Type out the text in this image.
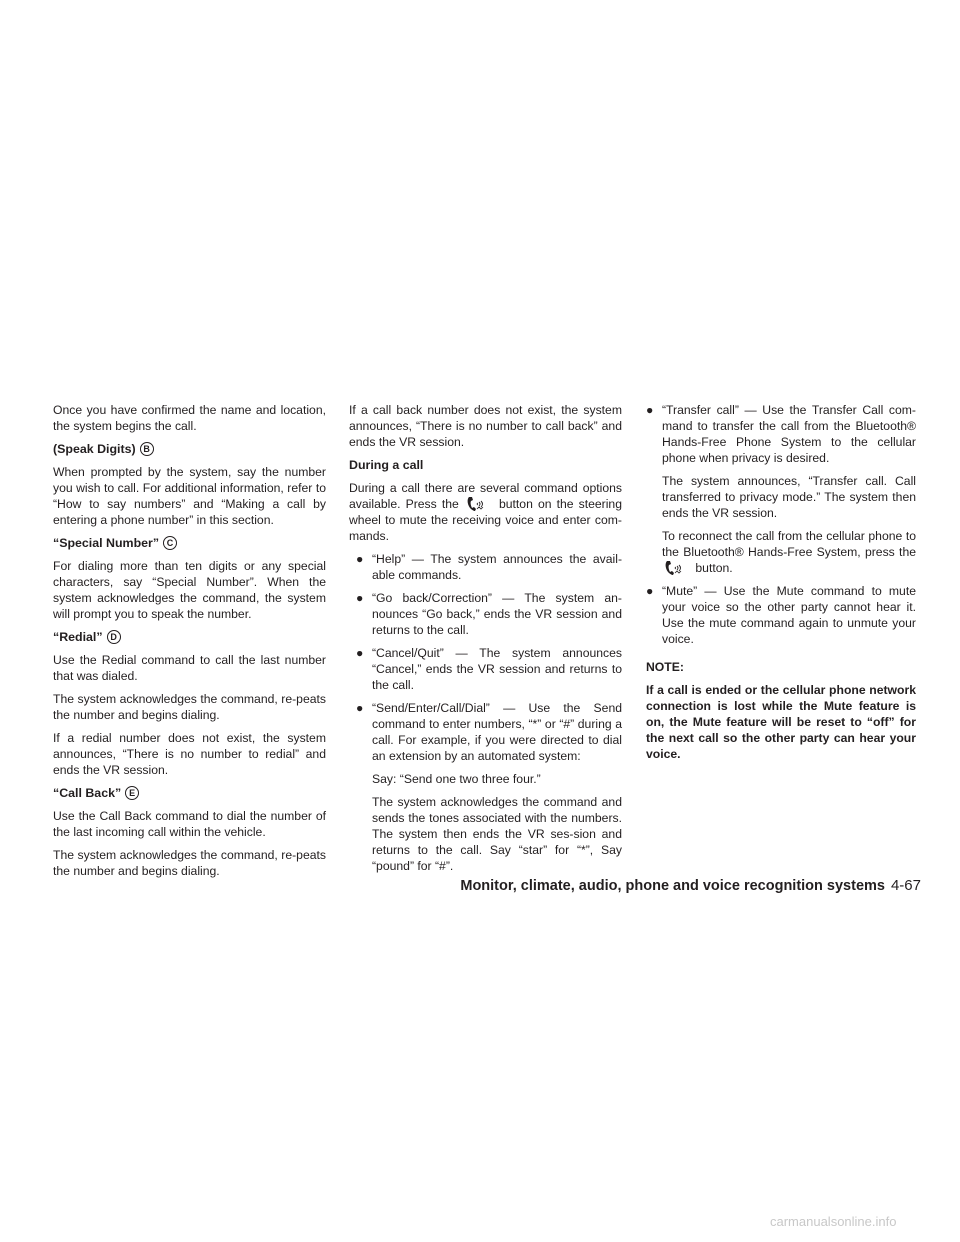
Once you have confirmed the name and location, the system begins the call.

(Speak Digits) B

When prompted by the system, say the number you wish to call. For additional information, refer to “How to say numbers” and “Making a call by entering a phone number” in this section.

“Special Number” C

For dialing more than ten digits or any special characters, say “Special Number”. When the system acknowledges the command, the system will prompt you to speak the number.

“Redial” D

Use the Redial command to call the last number that was dialed.

The system acknowledges the command, re-peats the number and begins dialing.

If a redial number does not exist, the system announces, “There is no number to redial” and ends the VR session.

“Call Back” E

Use the Call Back command to dial the number of the last incoming call within the vehicle.

The system acknowledges the command, re-peats the number and begins dialing.

If a call back number does not exist, the system announces, “There is no number to call back” and ends the VR session.

During a call

During a call there are several command options available. Press the	button on the steering wheel to mute the receiving voice and enter com-mands.

● “Help” — The system announces the avail-able commands.
● “Go back/Correction” — The system an-nounces “Go back,” ends the VR session and returns to the call.
● “Cancel/Quit” — The system announces “Cancel,” ends the VR session and returns to the call.
● “Send/Enter/Call/Dial” — Use the Send command to enter numbers, “*” or “#” during a call. For example, if you were directed to dial an extension by an automated system:

Say: “Send one two three four.”

The system acknowledges the command and sends the tones associated with the numbers. The system then ends the VR ses-sion and returns to the call. Say “star” for “*”, Say “pound” for “#”.

● “Transfer call” — Use the Transfer Call com-mand to transfer the call from the Bluetooth® Hands-Free Phone System to the cellular phone when privacy is desired.

The system announces, “Transfer call. Call transferred to privacy mode.” The system then ends the VR session.

To reconnect the call from the cellular phone to the Bluetooth® Hands-Free System, press the  button.

● “Mute” — Use the Mute command to mute your voice so the other party cannot hear it. Use the mute command again to unmute your voice.
NOTE:
If a call is ended or the cellular phone network connection is lost while the Mute feature is on, the Mute feature will be reset to “off” for the next call so the other party can hear your voice.
Monitor, climate, audio, phone and voice recognition systems 4-67
carmanualsonline.info
